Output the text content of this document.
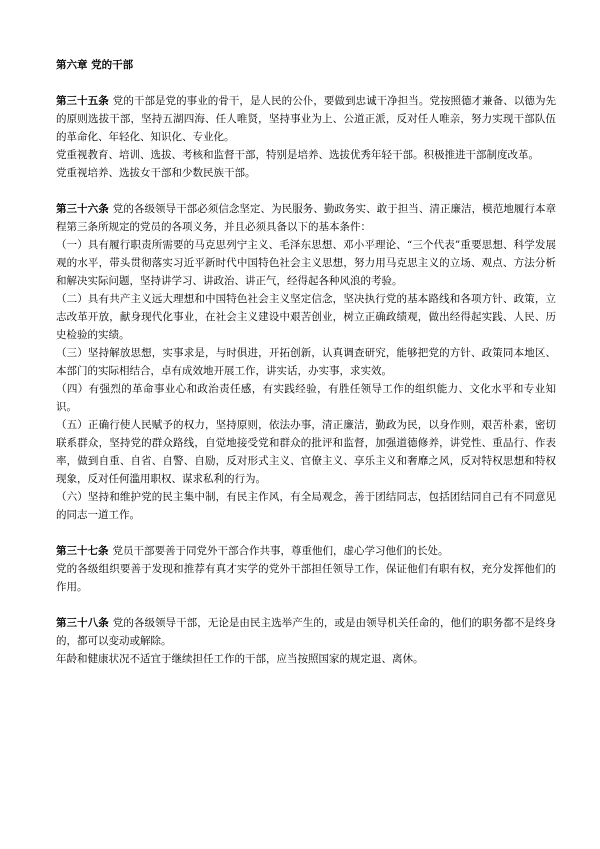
第六章 党的干部

第三十五条 党的干部是党的事业的骨干，是人民的公仆，要做到忠诚干净担当。党按照德才兼备、以德为先的原则选拔干部，坚持五湖四海、任人唯贤，坚持事业为上、公道正派，反对任人唯亲，努力实现干部队伍的革命化、年轻化、知识化、专业化。

党重视教育、培训、选拔、考核和监督干部，特别是培养、选拔优秀年轻干部。积极推进干部制度改革。

党重视培养、选拔女干部和少数民族干部。

第三十六条 党的各级领导干部必须信念坚定、为民服务、勤政务实、敢于担当、清正廉洁，模范地履行本章程第三条所规定的党员的各项义务，并且必须具备以下的基本条件：

（一）具有履行职责所需要的马克思列宁主义、毛泽东思想、邓小平理论、“三个代表”重要思想、科学发展观的水平，带头贯彻落实习近平新时代中国特色社会主义思想，努力用马克思主义的立场、观点、方法分析和解决实际问题，坚持讲学习、讲政治、讲正气，经得起各种风浪的考验。

（二）具有共产主义远大理想和中国特色社会主义坚定信念，坚决执行党的基本路线和各项方针、政策，立志改革开放，献身现代化事业，在社会主义建设中艰苦创业，树立正确政绩观，做出经得起实践、人民、历史检验的实绩。

（三）坚持解放思想，实事求是，与时俱进，开拓创新，认真调查研究，能够把党的方针、政策同本地区、本部门的实际相结合，卓有成效地开展工作，讲实话，办实事，求实效。

（四）有强烈的革命事业心和政治责任感，有实践经验，有胜任领导工作的组织能力、文化水平和专业知识。

（五）正确行使人民赋予的权力，坚持原则，依法办事，清正廉洁，勤政为民，以身作则，艰苦朴素，密切联系群众，坚持党的群众路线，自觉地接受党和群众的批评和监督，加强道德修养，讲党性、重品行、作表率，做到自重、自省、自警、自励，反对形式主义、官僚主义、享乐主义和奢靡之风，反对特权思想和特权现象，反对任何滥用职权、谋求私利的行为。

（六）坚持和维护党的民主集中制，有民主作风，有全局观念，善于团结同志，包括团结同自己有不同意见的同志一道工作。

第三十七条 党员干部要善于同党外干部合作共事，尊重他们，虚心学习他们的长处。

党的各级组织要善于发现和推荐有真才实学的党外干部担任领导工作，保证他们有职有权，充分发挥他们的作用。

第三十八条 党的各级领导干部，无论是由民主选举产生的，或是由领导机关任命的，他们的职务都不是终身的，都可以变动或解除。

年龄和健康状况不适宜于继续担任工作的干部，应当按照国家的规定退、离休。
